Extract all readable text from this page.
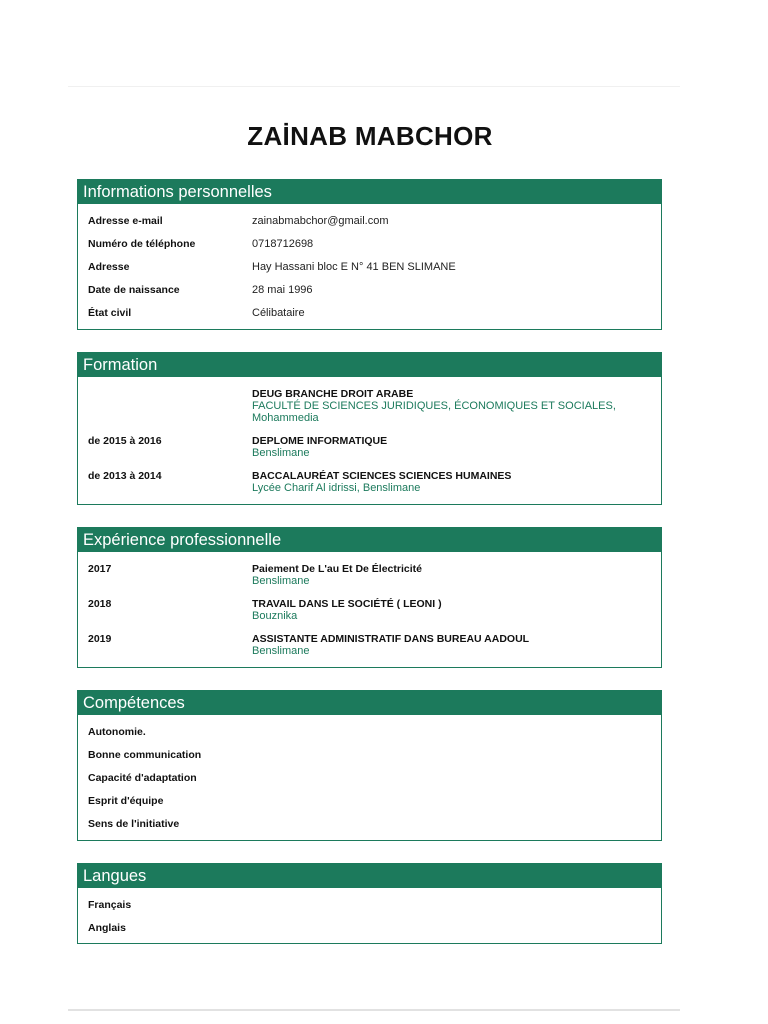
ZAİNAB MABCHOR
Informations personnelles
Adresse e-mail	zainabmabchor@gmail.com
Numéro de téléphone	0718712698
Adresse	Hay Hassani bloc E N° 41 BEN SLIMANE
Date de naissance	28 mai 1996
État civil	Célibataire
Formation
DEUG BRANCHE DROIT ARABE
FACULTÉ DE SCIENCES JURIDIQUES, ÉCONOMIQUES ET SOCIALES, Mohammedia
de 2015 à 2016	DEPLOME INFORMATIQUE
Benslimane
de 2013 à 2014	BACCALAURÉAT SCIENCES SCIENCES HUMAINES
Lycée Charif Al idrissi, Benslimane
Expérience professionnelle
2017	Paiement De L'au Et De Électricité
Benslimane
2018	TRAVAIL DANS LE SOCIÉTÉ ( LEONI )
Bouznika
2019	ASSISTANTE ADMINISTRATIF DANS BUREAU AADOUL
Benslimane
Compétences
Autonomie.
Bonne communication
Capacité d'adaptation
Esprit d'équipe
Sens de l'initiative
Langues
Français
Anglais
